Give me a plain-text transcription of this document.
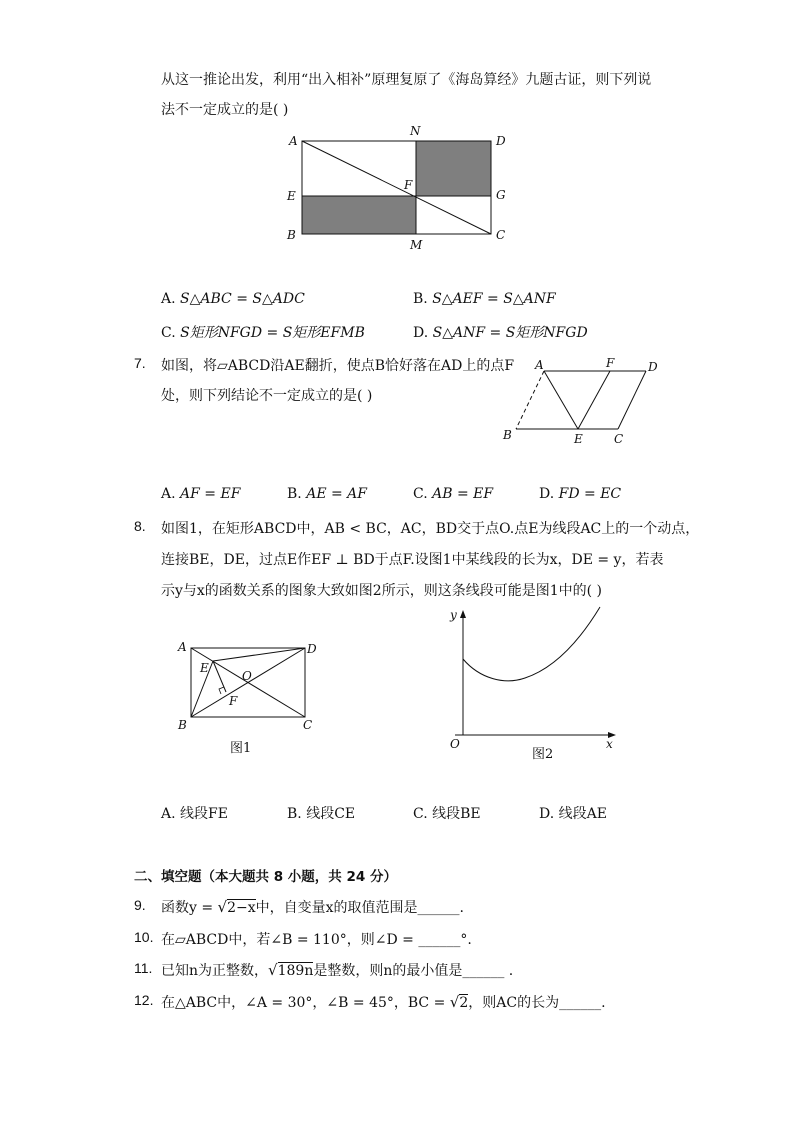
从这一推论出发，利用“出入相补”原理复原了《海岛算经》九题古证，则下列说
法不一定成立的是( )
A
N
D
E
F
G
B
M
C
A. S△ABC = S△ADC	B. S△AEF = S△ANF
C. S矩形NFGD = S矩形EFMB	D. S△ANF = S矩形NFGD
7. 如图，将▱ABCD沿AE翻折，使点B恰好落在AD上的点F
处，则下列结论不一定成立的是( )
A	F	D
B	E	C
A. AF = EF	B. AE = AF	C. AB = EF	D. FD = EC
8. 如图1，在矩形ABCD中，AB < BC，AC，BD交于点O.点E为线段AC上的一个动点，
连接BE，DE，过点E作EF ⊥ BD于点F.设图1中某线段的长为x，DE = y，若表
示y与x的函数关系的图象大致如图2所示，则这条线段可能是图1中的( )
A	D
E
O
F
B	C
图1
y
O	x
图2
A. 线段FE	B. 线段CE	C. 线段BE	D. 线段AE
二、填空题（本大题共 8 小题，共 24 分）
9. 函数y = √2−x中，自变量x的取值范围是______.
10. 在▱ABCD中，若∠B = 110°，则∠D = ______°.
11. 已知n为正整数，√189n是整数，则n的最小值是______ .
12. 在△ABC中，∠A = 30°，∠B = 45°，BC = √2，则AC的长为______.
